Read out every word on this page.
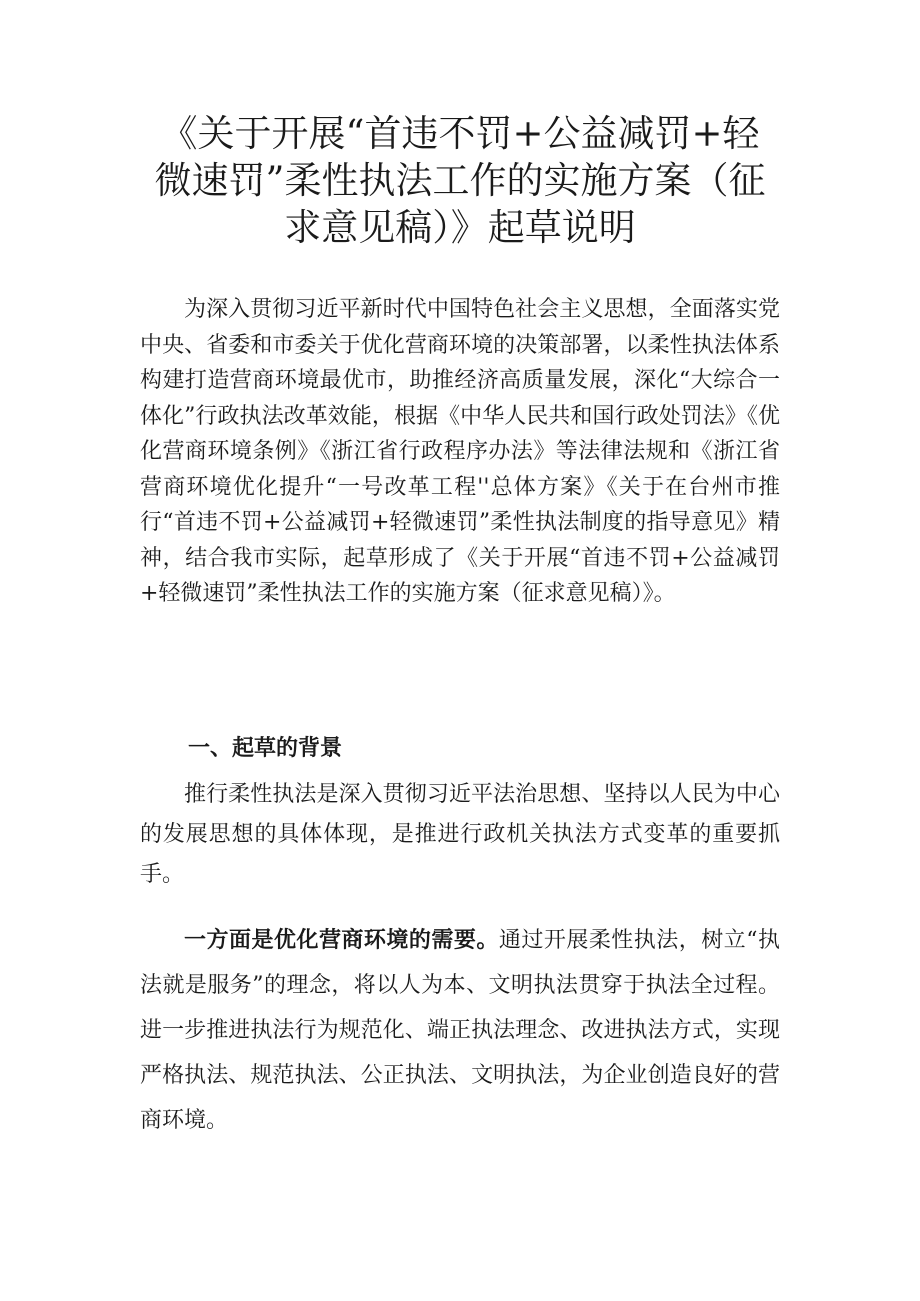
《关于开展“首违不罚+公益减罚+轻微速罚”柔性执法工作的实施方案（征求意见稿）》起草说明
为深入贯彻习近平新时代中国特色社会主义思想，全面落实党中央、省委和市委关于优化营商环境的决策部署，以柔性执法体系构建打造营商环境最优市，助推经济高质量发展，深化“大综合一体化”行政执法改革效能，根据《中华人民共和国行政处罚法》《优化营商环境条例》《浙江省行政程序办法》等法律法规和《浙江省营商环境优化提升“一号改革工程''总体方案》《关于在台州市推行“首违不罚+公益减罚+轻微速罚”柔性执法制度的指导意见》精神，结合我市实际，起草形成了《关于开展“首违不罚+公益减罚+轻微速罚”柔性执法工作的实施方案（征求意见稿）》。
一、起草的背景
推行柔性执法是深入贯彻习近平法治思想、坚持以人民为中心的发展思想的具体体现，是推进行政机关执法方式变革的重要抓手。
一方面是优化营商环境的需要。通过开展柔性执法，树立“执法就是服务”的理念，将以人为本、文明执法贯穿于执法全过程。进一步推进执法行为规范化、端正执法理念、改进执法方式，实现严格执法、规范执法、公正执法、文明执法，为企业创造良好的营商环境。
